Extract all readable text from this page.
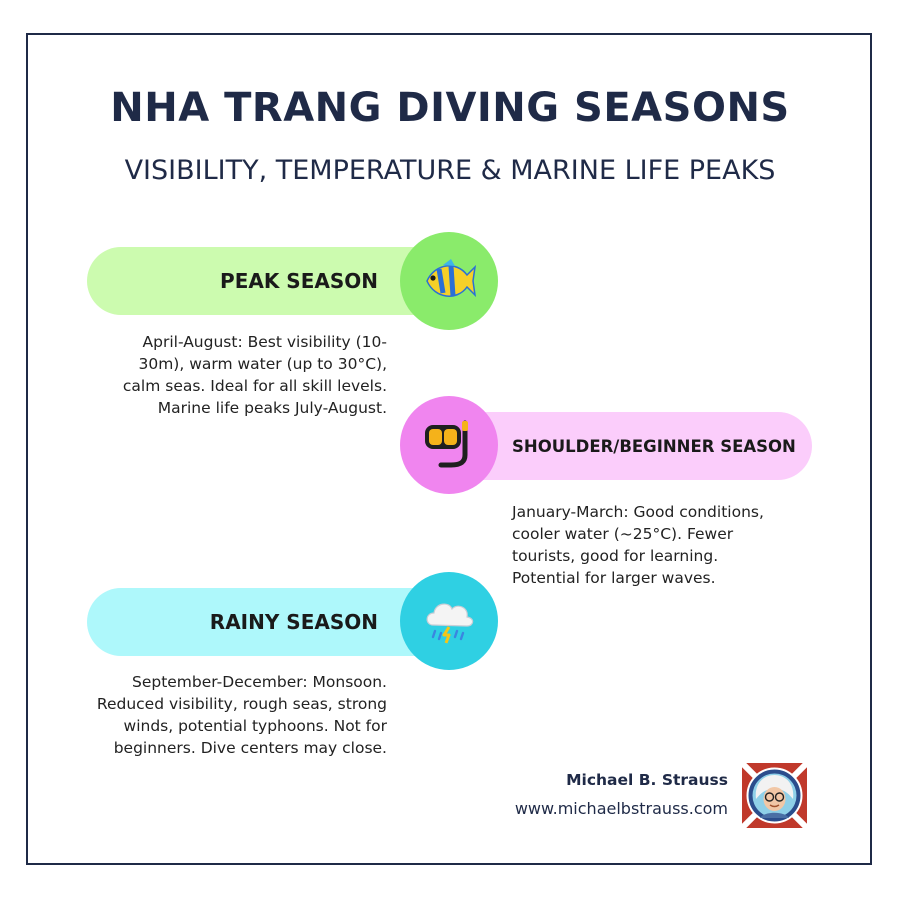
NHA TRANG DIVING SEASONS
VISIBILITY, TEMPERATURE & MARINE LIFE PEAKS
PEAK SEASON
April-August: Best visibility (10-
30m), warm water (up to 30°C),
calm seas. Ideal for all skill levels.
Marine life peaks July-August.
SHOULDER/BEGINNER SEASON
January-March: Good conditions,
cooler water (~25°C). Fewer
tourists, good for learning.
Potential for larger waves.
RAINY SEASON
September-December: Monsoon.
Reduced visibility, rough seas, strong
winds, potential typhoons. Not for
beginners. Dive centers may close.
Michael B. Strauss
www.michaelbstrauss.com
